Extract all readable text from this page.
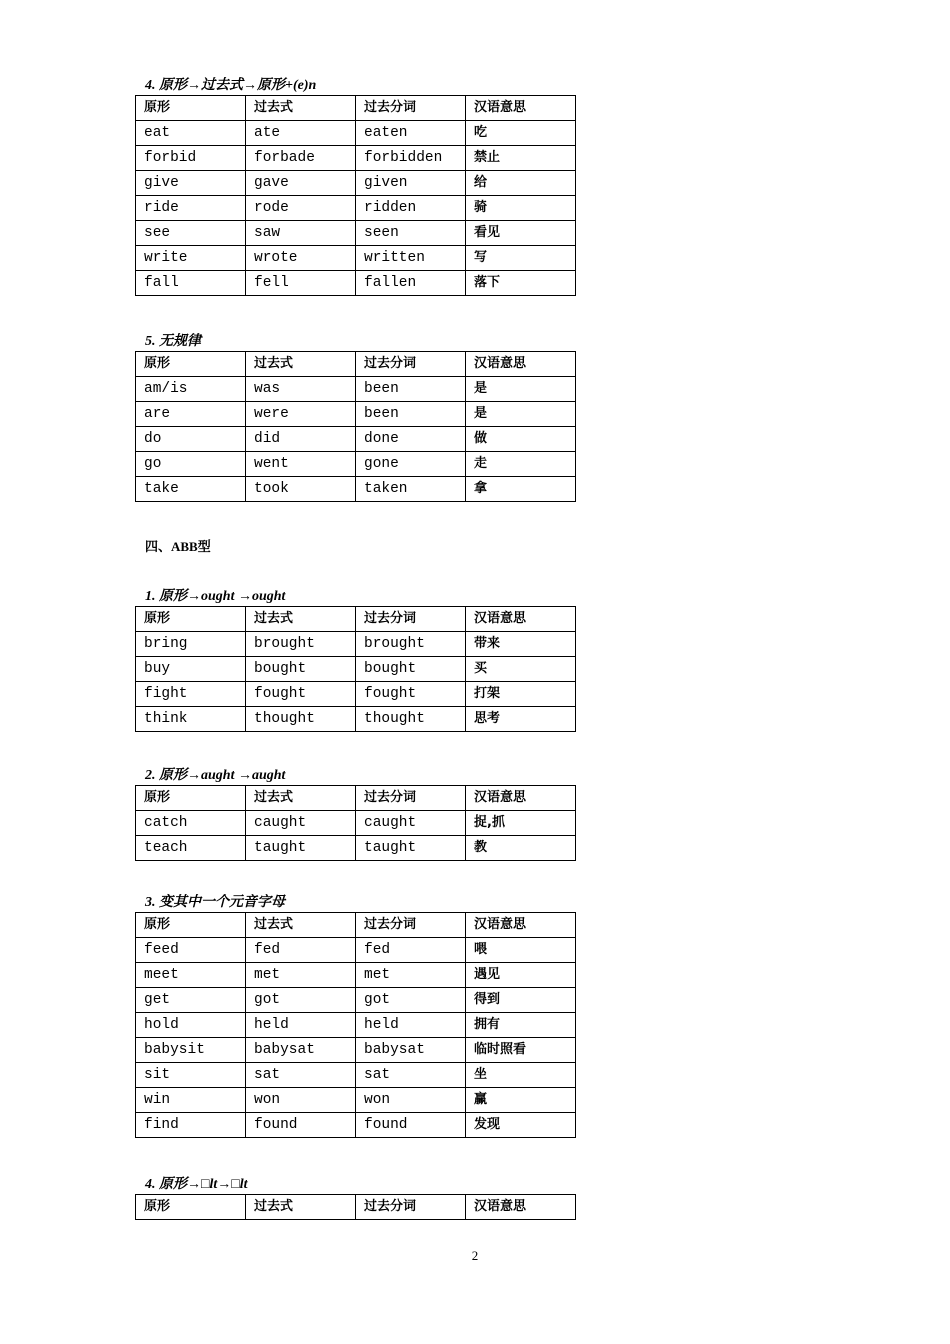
4. 原形→过去式→原形+(e)n
原形	过去式	过去分词	汉语意思
eat	ate	eaten	吃
forbid	forbade	forbidden	禁止
give	gave	given	给
ride	rode	ridden	骑
see	saw	seen	看见
write	wrote	written	写
fall	fell	fallen	落下
5. 无规律
原形	过去式	过去分词	汉语意思
am/is	was	been	是
are	were	been	是
do	did	done	做
go	went	gone	走
take	took	taken	拿
四、ABB型
1. 原形→ought →ought
原形	过去式	过去分词	汉语意思
bring	brought	brought	带来
buy	bought	bought	买
fight	fought	fought	打架
think	thought	thought	思考
2. 原形→aught →aught
原形	过去式	过去分词	汉语意思
catch	caught	caught	捉,抓
teach	taught	taught	教
3. 变其中一个元音字母
原形	过去式	过去分词	汉语意思
feed	fed	fed	喂
meet	met	met	遇见
get	got	got	得到
hold	held	held	拥有
babysit	babysat	babysat	临时照看
sit	sat	sat	坐
win	won	won	赢
find	found	found	发现
4. 原形→□lt→□lt
原形	过去式	过去分词	汉语意思
2
